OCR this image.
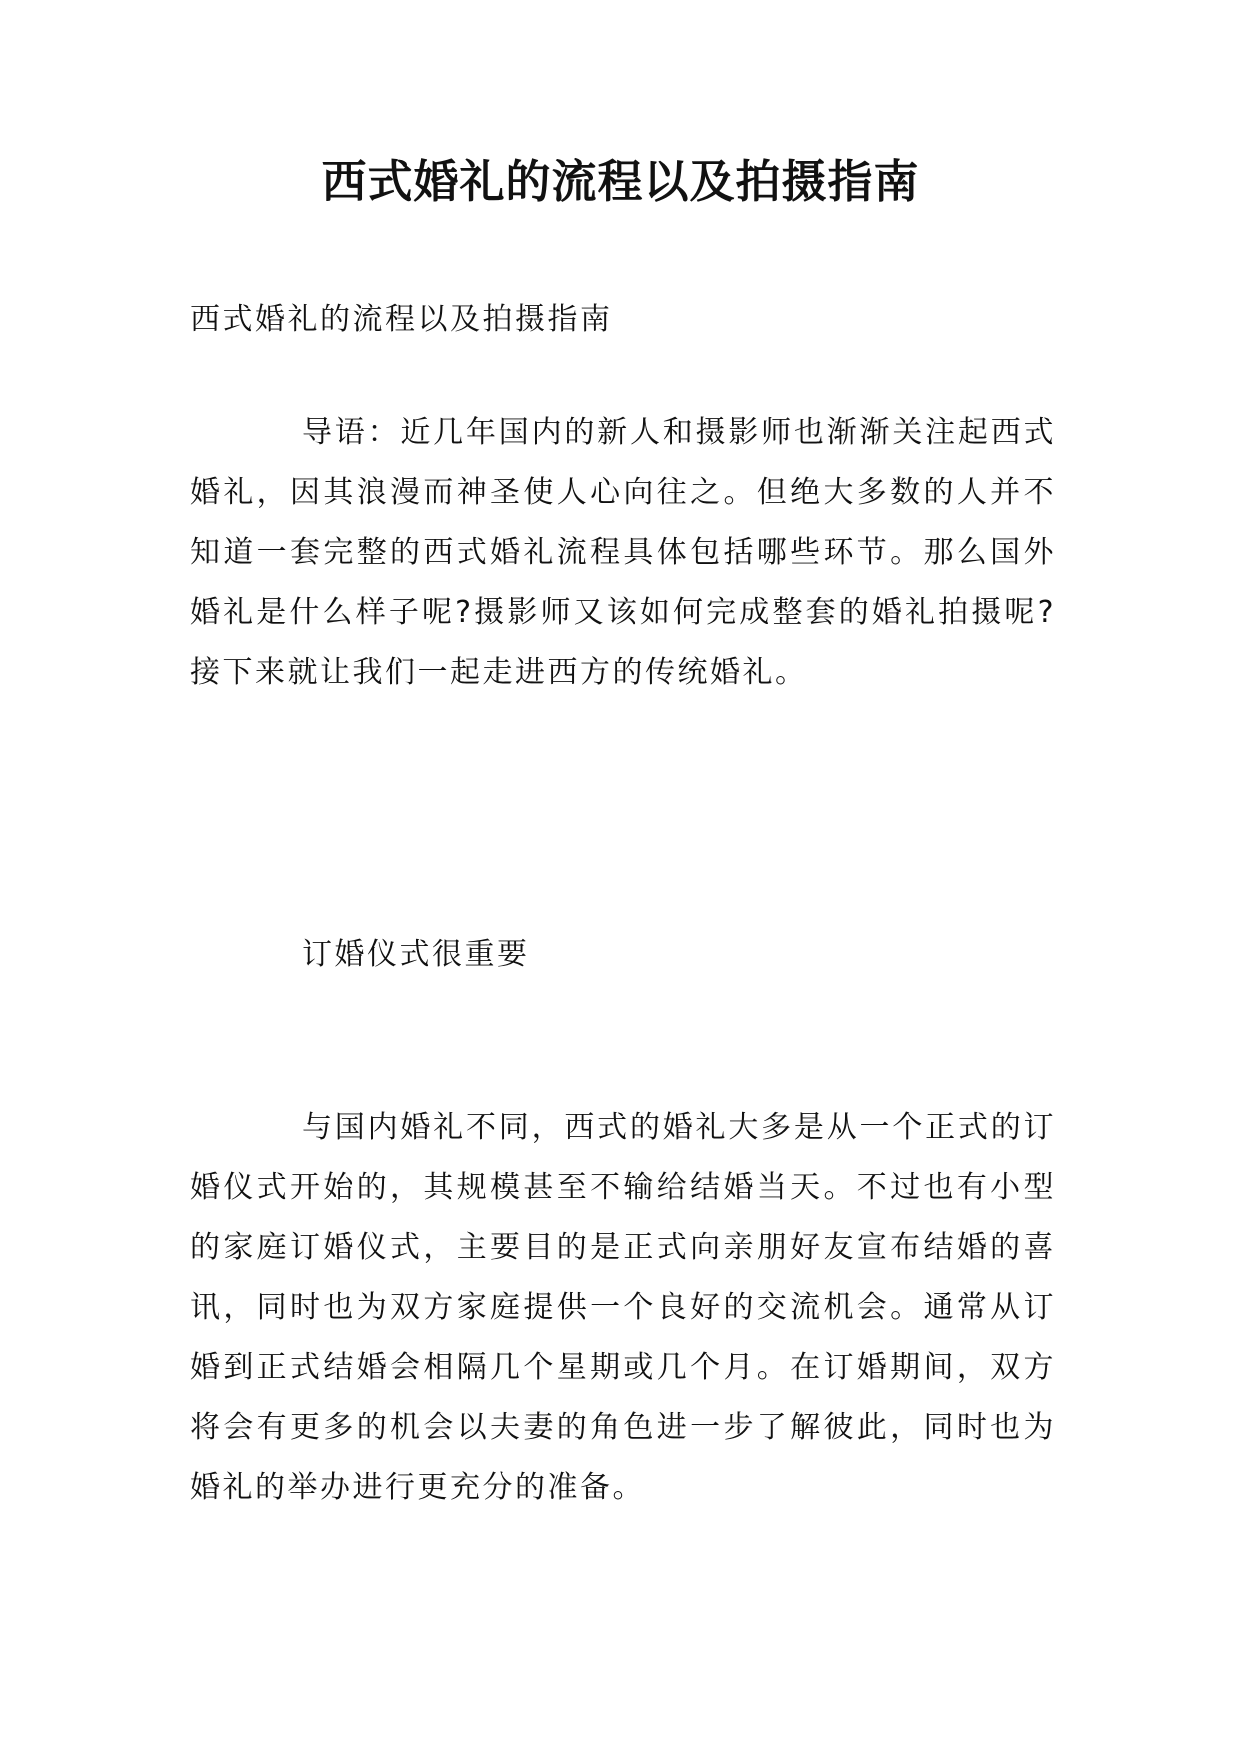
西式婚礼的流程以及拍摄指南

西式婚礼的流程以及拍摄指南

导语：近几年国内的新人和摄影师也渐渐关注起西式婚礼，因其浪漫而神圣使人心向往之。但绝大多数的人并不知道一套完整的西式婚礼流程具体包括哪些环节。那么国外婚礼是什么样子呢?摄影师又该如何完成整套的婚礼拍摄呢?接下来就让我们一起走进西方的传统婚礼。

订婚仪式很重要

与国内婚礼不同，西式的婚礼大多是从一个正式的订婚仪式开始的，其规模甚至不输给结婚当天。不过也有小型的家庭订婚仪式，主要目的是正式向亲朋好友宣布结婚的喜讯，同时也为双方家庭提供一个良好的交流机会。通常从订婚到正式结婚会相隔几个星期或几个月。在订婚期间，双方将会有更多的机会以夫妻的角色进一步了解彼此，同时也为婚礼的举办进行更充分的准备。
